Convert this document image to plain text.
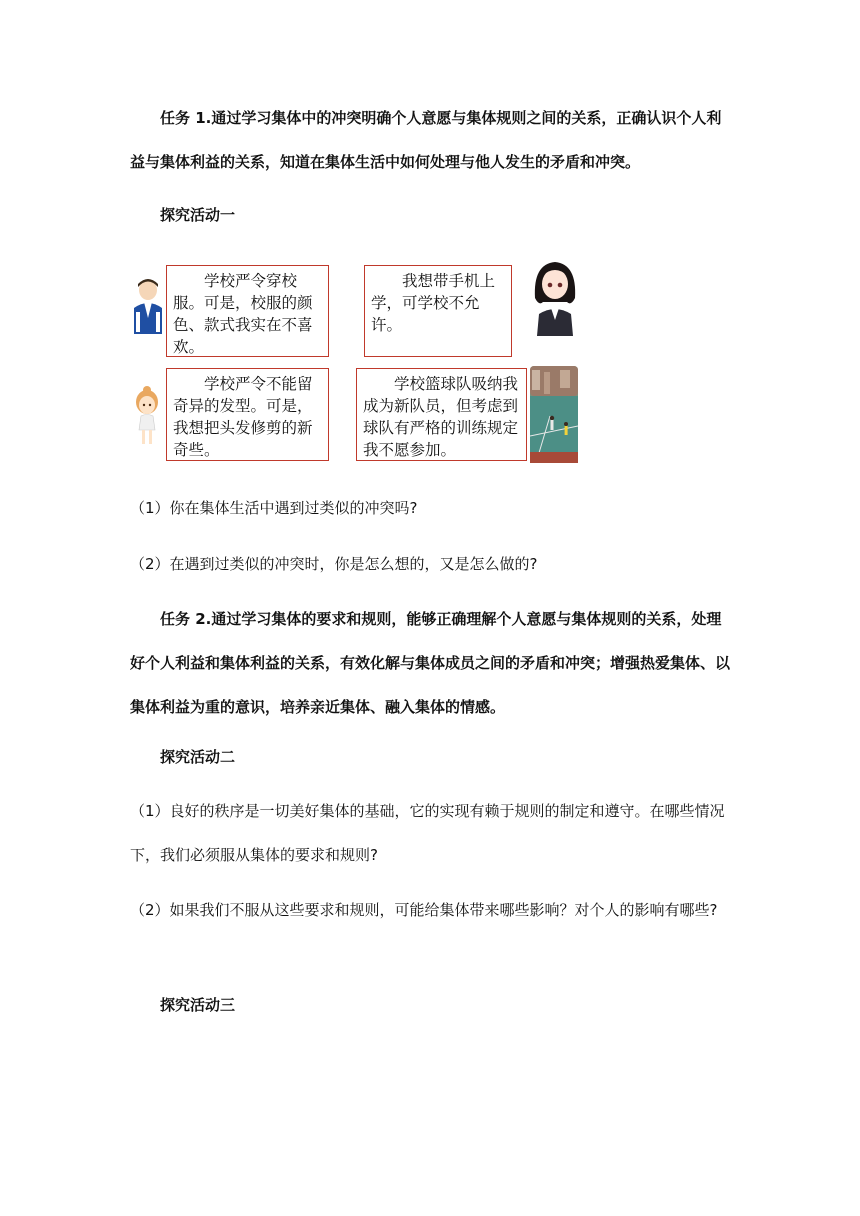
任务 1.通过学习集体中的冲突明确个人意愿与集体规则之间的关系，正确认识个人利益与集体利益的关系，知道在集体生活中如何处理与他人发生的矛盾和冲突。

探究活动一
学校严令穿校服。可是，校服的颜色、款式我实在不喜欢。
我想带手机上学，可学校不允许。
学校严令不能留奇异的发型。可是，我想把头发修剪的新奇些。
学校篮球队吸纳我成为新队员，但考虑到球队有严格的训练规定我不愿参加。
（1）你在集体生活中遇到过类似的冲突吗?
（2）在遇到过类似的冲突时，你是怎么想的，又是怎么做的?

任务 2.通过学习集体的要求和规则，能够正确理解个人意愿与集体规则的关系，处理好个人利益和集体利益的关系，有效化解与集体成员之间的矛盾和冲突；增强热爱集体、以集体利益为重的意识，培养亲近集体、融入集体的情感。

探究活动二
（1）良好的秩序是一切美好集体的基础，它的实现有赖于规则的制定和遵守。在哪些情况下，我们必须服从集体的要求和规则?
（2）如果我们不服从这些要求和规则，可能给集体带来哪些影响？对个人的影响有哪些?
探究活动三
